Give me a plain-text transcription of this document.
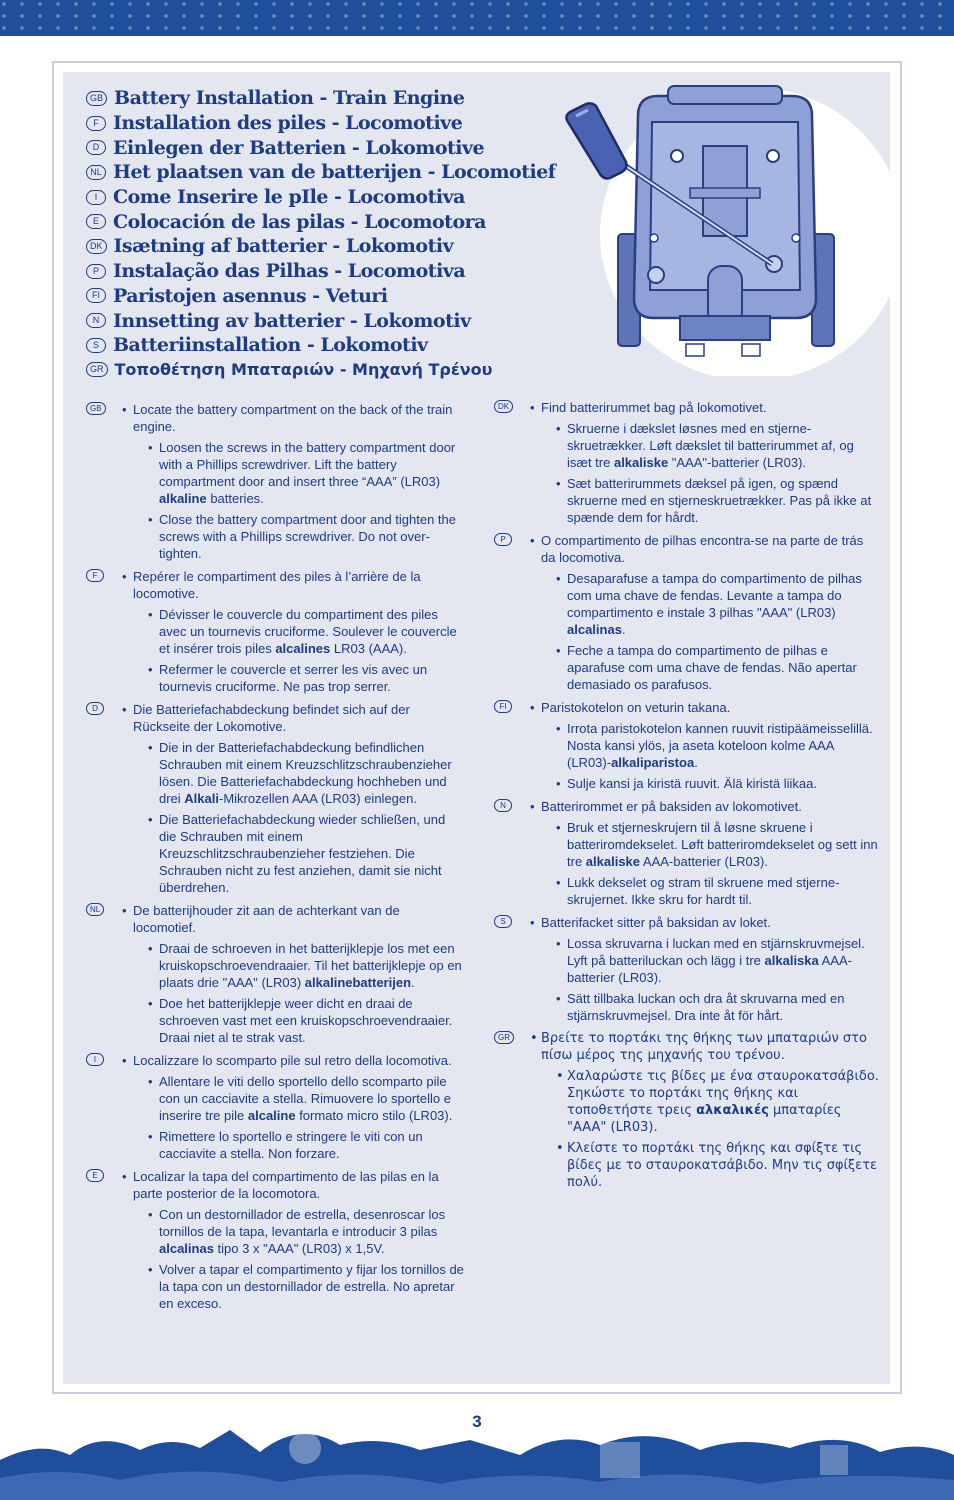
GB Battery Installation - Train Engine
F Installation des piles - Locomotive
D Einlegen der Batterien - Lokomotive
NL Het plaatsen van de batterijen - Locomotief
I Come Inserire le pIle - Locomotiva
E Colocación de las pilas - Locomotora
DK Isætning af batterier - Lokomotiv
P Instalação das Pilhas - Locomotiva
FI Paristojen asennus - Veturi
N Innsetting av batterier - Lokomotiv
S Batteriinstallation - Lokomotiv
GR Τοποθέτηση Μπαταριών - Μηχανή Τρένου
GB	• Locate the battery compartment on the back of the train engine.
• Loosen the screws in the battery compartment door with a Phillips screwdriver. Lift the battery compartment door and insert three “AAA” (LR03) alkaline batteries.
• Close the battery compartment door and tighten the screws with a Phillips screwdriver. Do not over-tighten.
F	• Repérer le compartiment des piles à l’arrière de la locomotive.
• Dévisser le couvercle du compartiment des piles avec un tournevis cruciforme. Soulever le couvercle et insérer trois piles alcalines LR03 (AAA).
• Refermer le couvercle et serrer les vis avec un tournevis cruciforme. Ne pas trop serrer.
D	• Die Batteriefachabdeckung befindet sich auf der Rückseite der Lokomotive.
• Die in der Batteriefachabdeckung befindlichen Schrauben mit einem Kreuzschlitzschraubenzieher lösen. Die Batteriefachabdeckung hochheben und drei Alkali-Mikrozellen AAA (LR03) einlegen.
• Die Batteriefachabdeckung wieder schließen, und die Schrauben mit einem Kreuzschlitzschraubenzieher festziehen. Die Schrauben nicht zu fest anziehen, damit sie nicht überdrehen.
NL	• De batterijhouder zit aan de achterkant van de locomotief.
• Draai de schroeven in het batterijklepje los met een kruiskopschroevendraaier. Til het batterijklepje op en plaats drie "AAA" (LR03) alkalinebatterijen.
• Doe het batterijklepje weer dicht en draai de schroeven vast met een kruiskopschroevendraaier. Draai niet al te strak vast.
I	• Localizzare lo scomparto pile sul retro della locomotiva.
• Allentare le viti dello sportello dello scomparto pile con un cacciavite a stella. Rimuovere lo sportello e inserire tre pile alcaline formato micro stilo (LR03).
• Rimettere lo sportello e stringere le viti con un cacciavite a stella. Non forzare.
E	• Localizar la tapa del compartimento de las pilas en la parte posterior de la locomotora.
• Con un destornillador de estrella, desenroscar los tornillos de la tapa, levantarla e introducir 3 pilas alcalinas tipo 3 x "AAA" (LR03) x 1,5V.
• Volver a tapar el compartimento y fijar los tornillos de la tapa con un destornillador de estrella. No apretar en exceso.
DK	• Find batterirummet bag på lokomotivet.
• Skruerne i dækslet løsnes med en stjerne-skruetrækker. Løft dækslet til batterirummet af, og isæt tre alkaliske "AAA"-batterier (LR03).
• Sæt batterirummets dæksel på igen, og spænd skruerne med en stjerneskruetrækker. Pas på ikke at spænde dem for hårdt.
P	• O compartimento de pilhas encontra-se na parte de trás da locomotiva.
• Desaparafuse a tampa do compartimento de pilhas com uma chave de fendas. Levante a tampa do compartimento e instale 3 pilhas "AAA" (LR03) alcalinas.
• Feche a tampa do compartimento de pilhas e aparafuse com uma chave de fendas. Não apertar demasiado os parafusos.
FI	• Paristokotelon on veturin takana.
• Irrota paristokotelon kannen ruuvit ristipäämeisselillä. Nosta kansi ylös, ja aseta koteloon kolme AAA (LR03)-alkaliparistoa.
• Sulje kansi ja kiristä ruuvit. Älä kiristä liikaa.
N	• Batterirommet er på baksiden av lokomotivet.
• Bruk et stjerneskrujern til å løsne skruene i batteriromdekselet. Løft batteriromdekselet og sett inn tre alkaliske AAA-batterier (LR03).
• Lukk dekselet og stram til skruene med stjerne-skrujernet. Ikke skru for hardt til.
S	• Batterifacket sitter på baksidan av loket.
• Lossa skruvarna i luckan med en stjärnskruvmejsel. Lyft på batteriluckan och lägg i tre alkaliska AAA-batterier (LR03).
• Sätt tillbaka luckan och dra åt skruvarna med en stjärnskruvmejsel. Dra inte åt för hårt.
GR	• Βρείτε το πορτάκι της θήκης των μπαταριών στο πίσω μέρος της μηχανής του τρένου.
• Χαλαρώστε τις βίδες με ένα σταυροκατσάβιδο. Σηκώστε το πορτάκι της θήκης και τοποθετήστε τρεις αλκαλικές μπαταρίες "AAA" (LR03).
• Κλείστε το πορτάκι της θήκης και σφίξτε τις βίδες με το σταυροκατσάβιδο. Μην τις σφίξετε πολύ.
3
